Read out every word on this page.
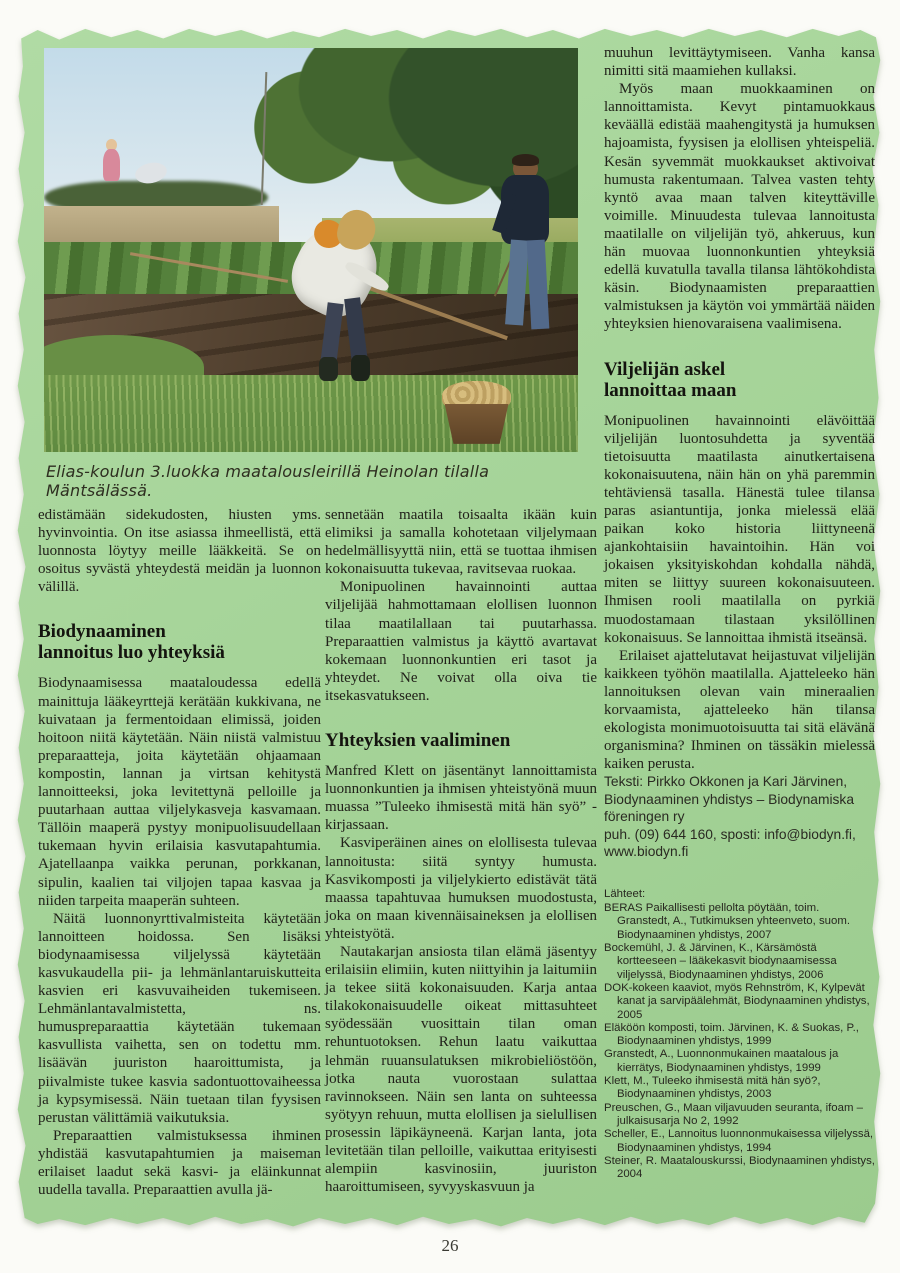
Elias-koulun 3.luokka maatalousleirillä Heinolan tilalla Mäntsälässä.

edistämään sidekudosten, hiusten yms. hyvinvointia. On itse asiassa ihmeellistä, että luonnosta löytyy meille lääkkeitä. Se on osoitus syvästä yhteydestä meidän ja luonnon välillä.

Biodynaaminen
lannoitus luo yhteyksiä

Biodynaamisessa maataloudessa edellä mainittuja lääkeyrttejä kerätään kukkivana, ne kuivataan ja fermentoidaan elimissä, joiden hoitoon niitä käytetään. Näin niistä valmistuu preparaatteja, joita käytetään ohjaamaan kompostin, lannan ja virtsan kehitystä lannoitteeksi, joka levitettynä pelloille ja puutarhaan auttaa viljelykasveja kasvamaan. Tällöin maaperä pystyy monipuolisuudellaan tukemaan hyvin erilaisia kasvutapahtumia. Ajatellaanpa vaikka perunan, porkkanan, sipulin, kaalien tai viljojen tapaa kasvaa ja niiden tarpeita maaperän suhteen.

Näitä luonnonyrttivalmisteita käytetään lannoitteen hoidossa. Sen lisäksi biodynaamisessa viljelyssä käytetään kasvukaudella pii- ja lehmänlantaruiskutteita kasvien eri kasvuvaiheiden tukemiseen. Lehmänlantavalmistetta, ns. humuspreparaattia käytetään tukemaan kasvullista vaihetta, sen on todettu mm. lisäävän juuriston haaroittumista, ja piivalmiste tukee kasvia sadontuottovaiheessa ja kypsymisessä. Näin tuetaan tilan fyysisen perustan välittämiä vaikutuksia.

Preparaattien valmistuksessa ihminen yhdistää kasvutapahtumien ja maiseman erilaiset laadut sekä kasvi- ja eläinkunnat uudella tavalla. Preparaattien avulla jä-

sennetään maatila toisaalta ikään kuin elimiksi ja samalla kohotetaan viljelymaan hedelmällisyyttä niin, että se tuottaa ihmisen kokonaisuutta tukevaa, ravitsevaa ruokaa.

Monipuolinen havainnointi auttaa viljelijää hahmottamaan elollisen luonnon tilaa maatilallaan tai puutarhassa. Preparaattien valmistus ja käyttö avartavat kokemaan luonnonkuntien eri tasot ja yhteydet. Ne voivat olla oiva tie itsekasvatukseen.

Yhteyksien vaaliminen

Manfred Klett on jäsentänyt lannoittamista luonnonkuntien ja ihmisen yhteistyönä muun muassa ”Tuleeko ihmisestä mitä hän syö” -kirjassaan.

Kasviperäinen aines on elollisesta tulevaa lannoitusta: siitä syntyy humusta. Kasvikomposti ja viljelykierto edistävät tätä maassa tapahtuvaa humuksen muodostusta, joka on maan kivennäisaineksen ja elollisen yhteistyötä.

Nautakarjan ansiosta tilan elämä jäsentyy erilaisiin elimiin, kuten niittyihin ja laitumiin ja tekee siitä kokonaisuuden. Karja antaa tilakokonaisuudelle oikeat mittasuhteet syödessään vuosittain tilan oman rehuntuotoksen. Rehun laatu vaikuttaa lehmän ruuansulatuksen mikrobieliöstöön, jotka nauta vuorostaan sulattaa ravinnokseen. Näin sen lanta on suhteessa syötyyn rehuun, mutta elollisen ja sielullisen prosessin läpikäyneenä. Karjan lanta, jota levitetään tilan pelloille, vaikuttaa erityisesti alempiin kasvinosiin, juuriston haaroittumiseen, syvyyskasvuun ja

muuhun levittäytymiseen. Vanha kansa nimitti sitä maamiehen kullaksi.

Myös maan muokkaaminen on lannoittamista. Kevyt pintamuokkaus keväällä edistää maahengitystä ja humuksen hajoamista, fyysisen ja elollisen yhteispeliä. Kesän syvemmät muokkaukset aktivoivat humusta rakentumaan. Talvea vasten tehty kyntö avaa maan talven kiteyttäville voimille. Minuudesta tulevaa lannoitusta maatilalle on viljelijän työ, ahkeruus, kun hän muovaa luonnonkuntien yhteyksiä edellä kuvatulla tavalla tilansa lähtökohdista käsin. Biodynaamisten preparaattien valmistuksen ja käytön voi ymmärtää näiden yhteyksien hienovaraisena vaalimisena.

Viljelijän askel
lannoittaa maan

Monipuolinen havainnointi elävöittää viljelijän luontosuhdetta ja syventää tietoisuutta maatilasta ainutkertaisena kokonaisuutena, näin hän on yhä paremmin tehtäviensä tasalla. Hänestä tulee tilansa paras asiantuntija, jonka mielessä elää paikan koko historia liittyneenä ajankohtaisiin havaintoihin. Hän voi jokaisen yksityiskohdan kohdalla nähdä, miten se liittyy suureen kokonaisuuteen. Ihmisen rooli maatilalla on pyrkiä muodostamaan tilastaan yksilöllinen kokonaisuus. Se lannoittaa ihmistä itseänsä.

Erilaiset ajattelutavat heijastuvat viljelijän kaikkeen työhön maatilalla. Ajatteleeko hän lannoituksen olevan vain mineraalien korvaamista, ajatteleeko hän tilansa ekologista monimuotoisuutta tai sitä elävänä organismina? Ihminen on tässäkin mielessä kaiken perusta.

Teksti: Pirkko Okkonen ja Kari Järvinen, Biodynaaminen yhdistys – Biodynamiska föreningen ry

puh. (09) 644 160, sposti: info@biodyn.fi,
www.biodyn.fi

Lähteet:

BERAS Paikallisesti pellolta pöytään, toim. Granstedt, A., Tutkimuksen yhteenveto, suom. Biodynaaminen yhdistys, 2007

Bockemühl, J. & Järvinen, K., Kärsämöstä kortteeseen – lääkekasvit biodynaamisessa viljelyssä, Biodynaaminen yhdistys, 2006

DOK-kokeen kaaviot, myös Rehnström, K, Kylpevät kanat ja sarvipäälehmät, Biodynaaminen yhdistys, 2005

Eläköön komposti, toim. Järvinen, K. & Suokas, P., Biodynaaminen yhdistys, 1999

Granstedt, A., Luonnonmukainen maatalous ja kierrätys, Biodynaaminen yhdistys, 1999

Klett, M., Tuleeko ihmisestä mitä hän syö?, Biodynaaminen yhdistys, 2003

Preuschen, G., Maan viljavuuden seuranta, ifoam – julkaisusarja No 2, 1992

Scheller, E., Lannoitus luonnonmukaisessa viljelyssä, Biodynaaminen yhdistys, 1994

Steiner, R. Maatalouskurssi, Biodynaaminen yhdistys, 2004

26
